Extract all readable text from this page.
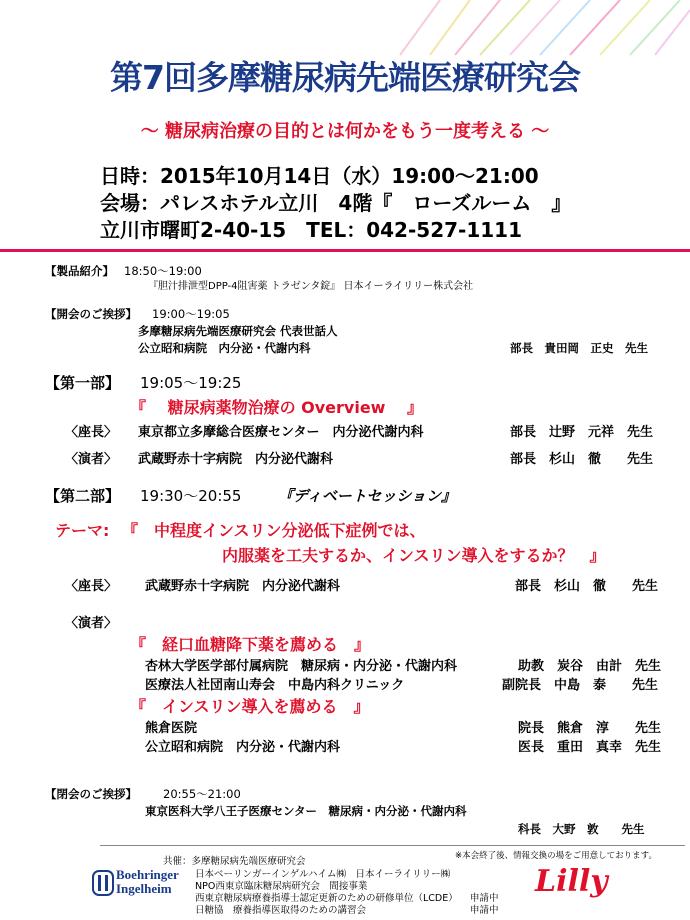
第7回多摩糖尿病先端医療研究会
〜 糖尿病治療の目的とは何かをもう一度考える 〜
日時：2015年10月14日（水）19:00〜21:00
会場：パレスホテル立川　4階『　ローズルーム　』
立川市曙町2-40-15　TEL：042-527-1111
【製品紹介】 18:50〜19:00
『胆汁排泄型DPP-4阻害薬 トラゼンタ錠』 日本イーライリリー株式会社
【開会のご挨拶】 19:00〜19:05
多摩糖尿病先端医療研究会 代表世話人
公立昭和病院　内分泌・代謝内科	部長　貴田岡　正史　先生
【第一部】 19:05〜19:25
『　 糖尿病薬物治療の Overview　 』
〈座長〉 東京都立多摩総合医療センター　内分泌代謝内科	部長　辻野　元祥　先生
〈演者〉 武蔵野赤十字病院　内分泌代謝科	部長　杉山　徹　　先生
【第二部】 19:30〜20:55 『ディベートセッション』
テーマ: 『　中程度インスリン分泌低下症例では、
内服薬を工夫するか、インスリン導入をするか？　』
〈座長〉 武蔵野赤十字病院　内分泌代謝科	部長　杉山　徹　　先生
〈演者〉
『　経口血糖降下薬を薦める　』
杏林大学医学部付属病院　糖尿病・内分泌・代謝内科	助教　炭谷　由計　先生
医療法人社団南山寿会　中島内科クリニック	副院長　中島　泰　　先生
『　インスリン導入を薦める　』
熊倉医院	院長　熊倉　淳　　先生
公立昭和病院　内分泌・代謝内科	医長　重田　真幸　先生
【閉会のご挨拶】 20:55〜21:00
東京医科大学八王子医療センター　糖尿病・内分泌・代謝内科
科長　大野　敦　　先生
※本会終了後、情報交換の場をご用意しております。
共催：多摩糖尿病先端医療研究会
日本ベーリンガーインゲルハイム㈱　日本イーライリリー㈱
NPO西東京臨床糖尿病研究会　間接事業
西東京糖尿病療養指導士認定更新のための研修単位（LCDE） 申請中
日糖協　療養指導医取得のための講習会	申請中
Boehringer
Ingelheim	Lilly
